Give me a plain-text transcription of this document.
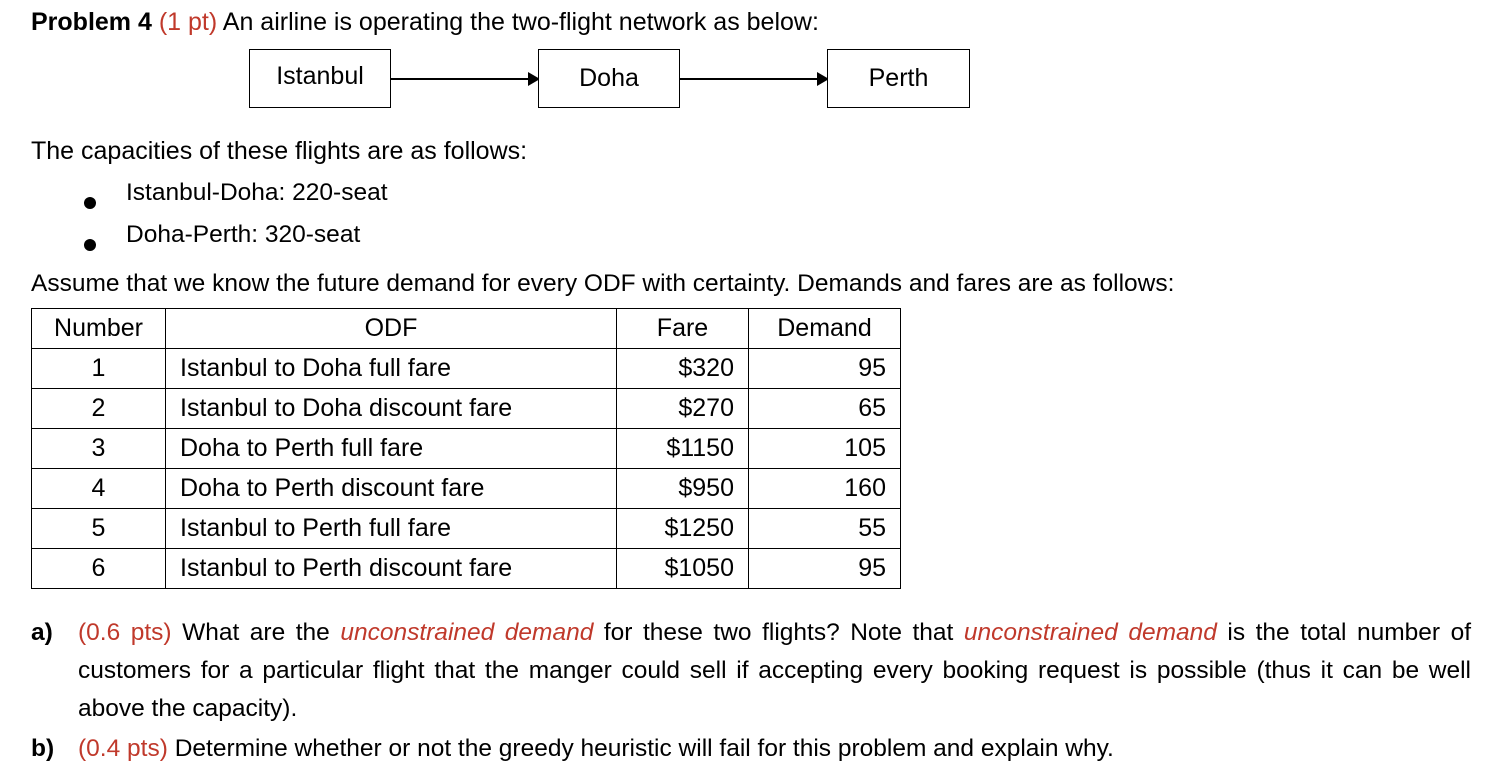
Problem 4 (1 pt) An airline is operating the two-flight network as below:
Istanbul	Doha	Perth
The capacities of these flights are as follows:
Istanbul-Doha: 220-seat
Doha-Perth: 320-seat
Assume that we know the future demand for every ODF with certainty. Demands and fares are as follows:
Number	ODF	Fare	Demand
1	Istanbul to Doha full fare	$320	95
2	Istanbul to Doha discount fare	$270	65
3	Doha to Perth full fare	$1150	105
4	Doha to Perth discount fare	$950	160
5	Istanbul to Perth full fare	$1250	55
6	Istanbul to Perth discount fare	$1050	95
a) (0.6 pts) What are the unconstrained demand for these two flights? Note that unconstrained demand is the total number of customers for a particular flight that the manger could sell if accepting every booking request is possible (thus it can be well above the capacity).
b) (0.4 pts) Determine whether or not the greedy heuristic will fail for this problem and explain why.
